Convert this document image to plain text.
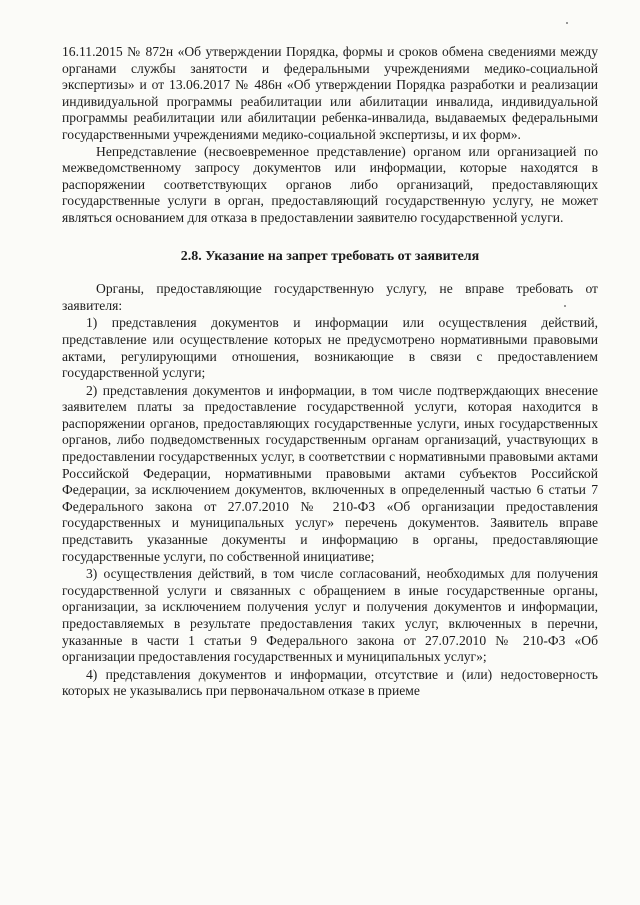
16.11.2015 № 872н «Об утверждении Порядка, формы и сроков обмена сведениями между органами службы занятости и федеральными учреждениями медико-социальной экспертизы» и от 13.06.2017 № 486н «Об утверждении Порядка разработки и реализации индивидуальной программы реабилитации или абилитации инвалида, индивидуальной программы реабилитации или абилитации ребенка-инвалида, выдаваемых федеральными государственными учреждениями медико-социальной экспертизы, и их форм».

Непредставление (несвоевременное представление) органом или организацией по межведомственному запросу документов или информации, которые находятся в распоряжении соответствующих органов либо организаций, предоставляющих государственные услуги в орган, предоставляющий государственную услугу, не может являться основанием для отказа в предоставлении заявителю государственной услуги.

2.8. Указание на запрет требовать от заявителя

Органы, предоставляющие государственную услугу, не вправе требовать от заявителя:

1) представления документов и информации или осуществления действий, представление или осуществление которых не предусмотрено нормативными правовыми актами, регулирующими отношения, возникающие в связи с предоставлением государственной услуги;

2) представления документов и информации, в том числе подтверждающих внесение заявителем платы за предоставление государственной услуги, которая находится в распоряжении органов, предоставляющих государственные услуги, иных государственных органов, либо подведомственных государственным органам организаций, участвующих в предоставлении государственных услуг, в соответствии с нормативными правовыми актами Российской Федерации, нормативными правовыми актами субъектов Российской Федерации, за исключением документов, включенных в определенный частью 6 статьи 7 Федерального закона от 27.07.2010 № 210-ФЗ «Об организации предоставления государственных и муниципальных услуг» перечень документов. Заявитель вправе представить указанные документы и информацию в органы, предоставляющие государственные услуги, по собственной инициативе;

3) осуществления действий, в том числе согласований, необходимых для получения государственной услуги и связанных с обращением в иные государственные органы, организации, за исключением получения услуг и получения документов и информации, предоставляемых в результате предоставления таких услуг, включенных в перечни, указанные в части 1 статьи 9 Федерального закона от 27.07.2010 № 210-ФЗ «Об организации предоставления государственных и муниципальных услуг»;

4) представления документов и информации, отсутствие и (или) недостоверность которых не указывались при первоначальном отказе в приеме
